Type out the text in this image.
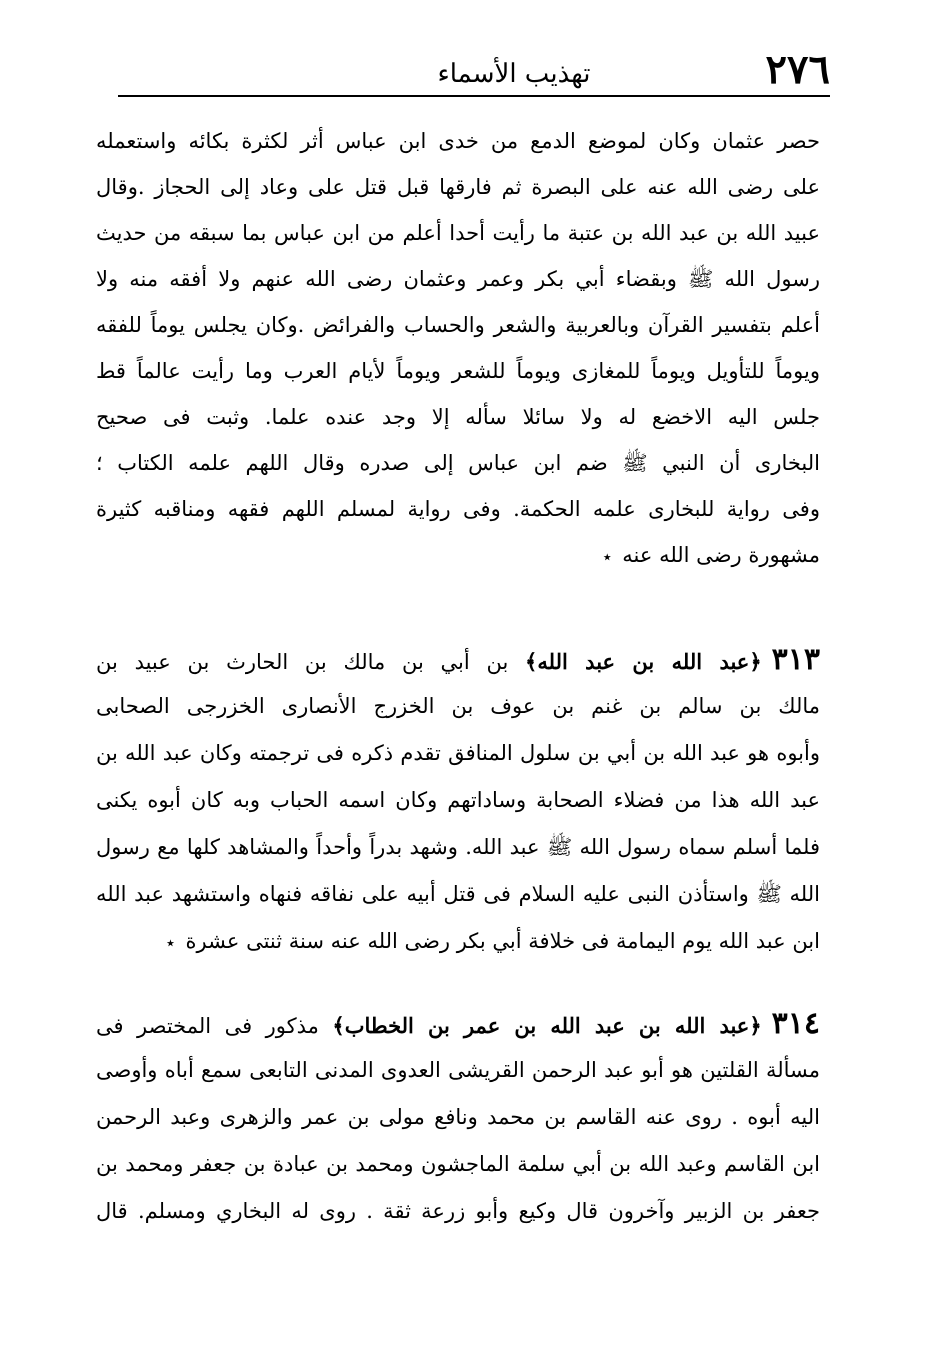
٢٧٦
تهذيب الأسماء
حصر عثمان وكان لموضع الدمع من خدى ابن عباس أثر لكثرة بكائه واستعمله
على رضى الله عنه على البصرة ثم فارقها قبل قتل على وعاد إلى الحجاز .وقال
عبيد الله بن عبد الله بن عتبة ما رأيت أحدا أعلم من ابن عباس بما سبقه من حديث
رسول الله ﷺ وبقضاء أبي بكر وعمر وعثمان رضى الله عنهم ولا أفقه منه ولا
أعلم بتفسير القرآن وبالعربية والشعر والحساب والفرائض .وكان يجلس يوماً للفقه
ويوماً للتأويل ويوماً للمغازى ويوماً للشعر ويوماً لأيام العرب وما رأيت عالماً قط
جلس اليه الاخضع له ولا سائلا سأله إلا وجد عنده علما. وثبت فى صحيح
البخارى أن النبي ﷺ ضم ابن عباس إلى صدره وقال اللهم علمه الكتاب ؛
وفى رواية للبخارى علمه الحكمة. وفى رواية لمسلم اللهم فقهه ومناقبه كثيرة
مشهورة رضى الله عنه ٭
٣١٣﴿عبد الله بن عبد الله﴾ بن أبي بن مالك بن الحارث بن عبيد بن
مالك بن سالم بن غنم بن عوف بن الخزرج الأنصارى الخزرجى الصحابى
وأبوه هو عبد الله بن أبي بن سلول المنافق تقدم ذكره فى ترجمته وكان عبد الله بن
عبد الله هذا من فضلاء الصحابة وساداتهم وكان اسمه الحباب وبه كان أبوه يكنى
فلما أسلم سماه رسول الله ﷺ عبد الله. وشهد بدراً وأحداً والمشاهد كلها مع رسول
الله ﷺ واستأذن النبى عليه السلام فى قتل أبيه على نفاقه فنهاه واستشهد عبد الله
ابن عبد الله يوم اليمامة فى خلافة أبي بكر رضى الله عنه سنة ثنتى عشرة ٭
٣١٤﴿عبد الله بن عبد الله بن عمر بن الخطاب﴾ مذكور فى المختصر فى
مسألة القلتين هو أبو عبد الرحمن القريشى العدوى المدنى التابعى سمع أباه وأوصى
اليه أبوه . روى عنه القاسم بن محمد ونافع مولى بن عمر والزهرى وعبد الرحمن
ابن القاسم وعبد الله بن أبي سلمة الماجشون ومحمد بن عبادة بن جعفر ومحمد بن
جعفر بن الزبير وآخرون قال وكيع وأبو زرعة ثقة . روى له البخاري ومسلم. قال
